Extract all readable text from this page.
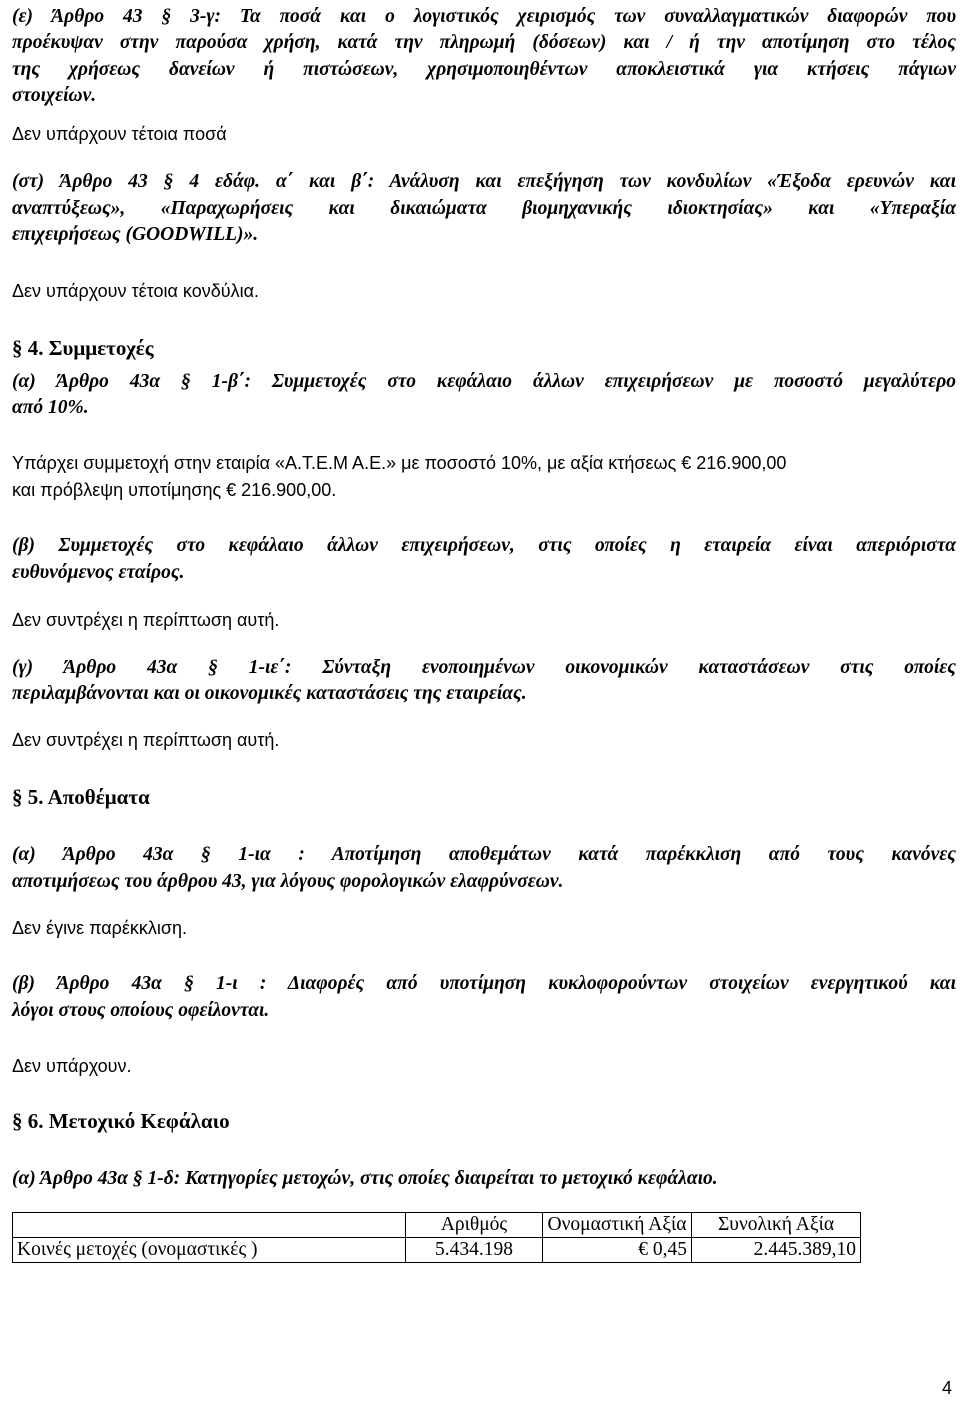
(ε) Άρθρο 43 § 3-γ: Τα ποσά και ο λογιστικός χειρισμός των συναλλαγματικών διαφορών που
προέκυψαν στην παρούσα χρήση, κατά την πληρωμή (δόσεων) και / ή την αποτίμηση στο τέλος
της χρήσεως δανείων ή πιστώσεων, χρησιμοποιηθέντων αποκλειστικά για κτήσεις πάγιων
στοιχείων.
Δεν υπάρχουν τέτοια ποσά
(στ) Άρθρο 43 § 4 εδάφ. α΄ και β΄: Ανάλυση και επεξήγηση των κονδυλίων «Έξοδα ερευνών και
αναπτύξεως», «Παραχωρήσεις και δικαιώματα βιομηχανικής ιδιοκτησίας» και «Υπεραξία
επιχειρήσεως (GOODWILL)».
Δεν υπάρχουν τέτοια κονδύλια.
§ 4. Συμμετοχές
(α) Άρθρο 43α § 1-β΄: Συμμετοχές στο κεφάλαιο άλλων επιχειρήσεων με ποσοστό μεγαλύτερο
από 10%.
Υπάρχει συμμετοχή στην εταιρία «Α.Τ.Ε.Μ Α.Ε.» με ποσοστό 10%, με αξία κτήσεως € 216.900,00
και πρόβλεψη υποτίμησης € 216.900,00.
(β) Συμμετοχές στο κεφάλαιο άλλων επιχειρήσεων, στις οποίες η εταιρεία είναι απεριόριστα
ευθυνόμενος εταίρος.
Δεν συντρέχει η περίπτωση αυτή.
(γ) Άρθρο 43α § 1-ιε΄: Σύνταξη ενοποιημένων οικονομικών καταστάσεων στις οποίες
περιλαμβάνονται και οι οικονομικές καταστάσεις της εταιρείας.
Δεν συντρέχει η περίπτωση αυτή.
§ 5. Αποθέματα
(α) Άρθρο 43α § 1-ια : Αποτίμηση αποθεμάτων κατά παρέκκλιση από τους κανόνες
αποτιμήσεως του άρθρου 43, για λόγους φορολογικών ελαφρύνσεων.
Δεν έγινε παρέκκλιση.
(β) Άρθρο 43α § 1-ι : Διαφορές από υποτίμηση κυκλοφορούντων στοιχείων ενεργητικού και
λόγοι στους οποίους οφείλονται.
Δεν υπάρχουν.
§ 6. Μετοχικό Κεφάλαιο
(α) Άρθρο 43α § 1-δ: Κατηγορίες μετοχών, στις οποίες διαιρείται το μετοχικό κεφάλαιο.
	Αριθμός	Ονομαστική Αξία	Συνολική Αξία
Κοινές μετοχές (ονομαστικές )	5.434.198	€ 0,45	2.445.389,10
4
